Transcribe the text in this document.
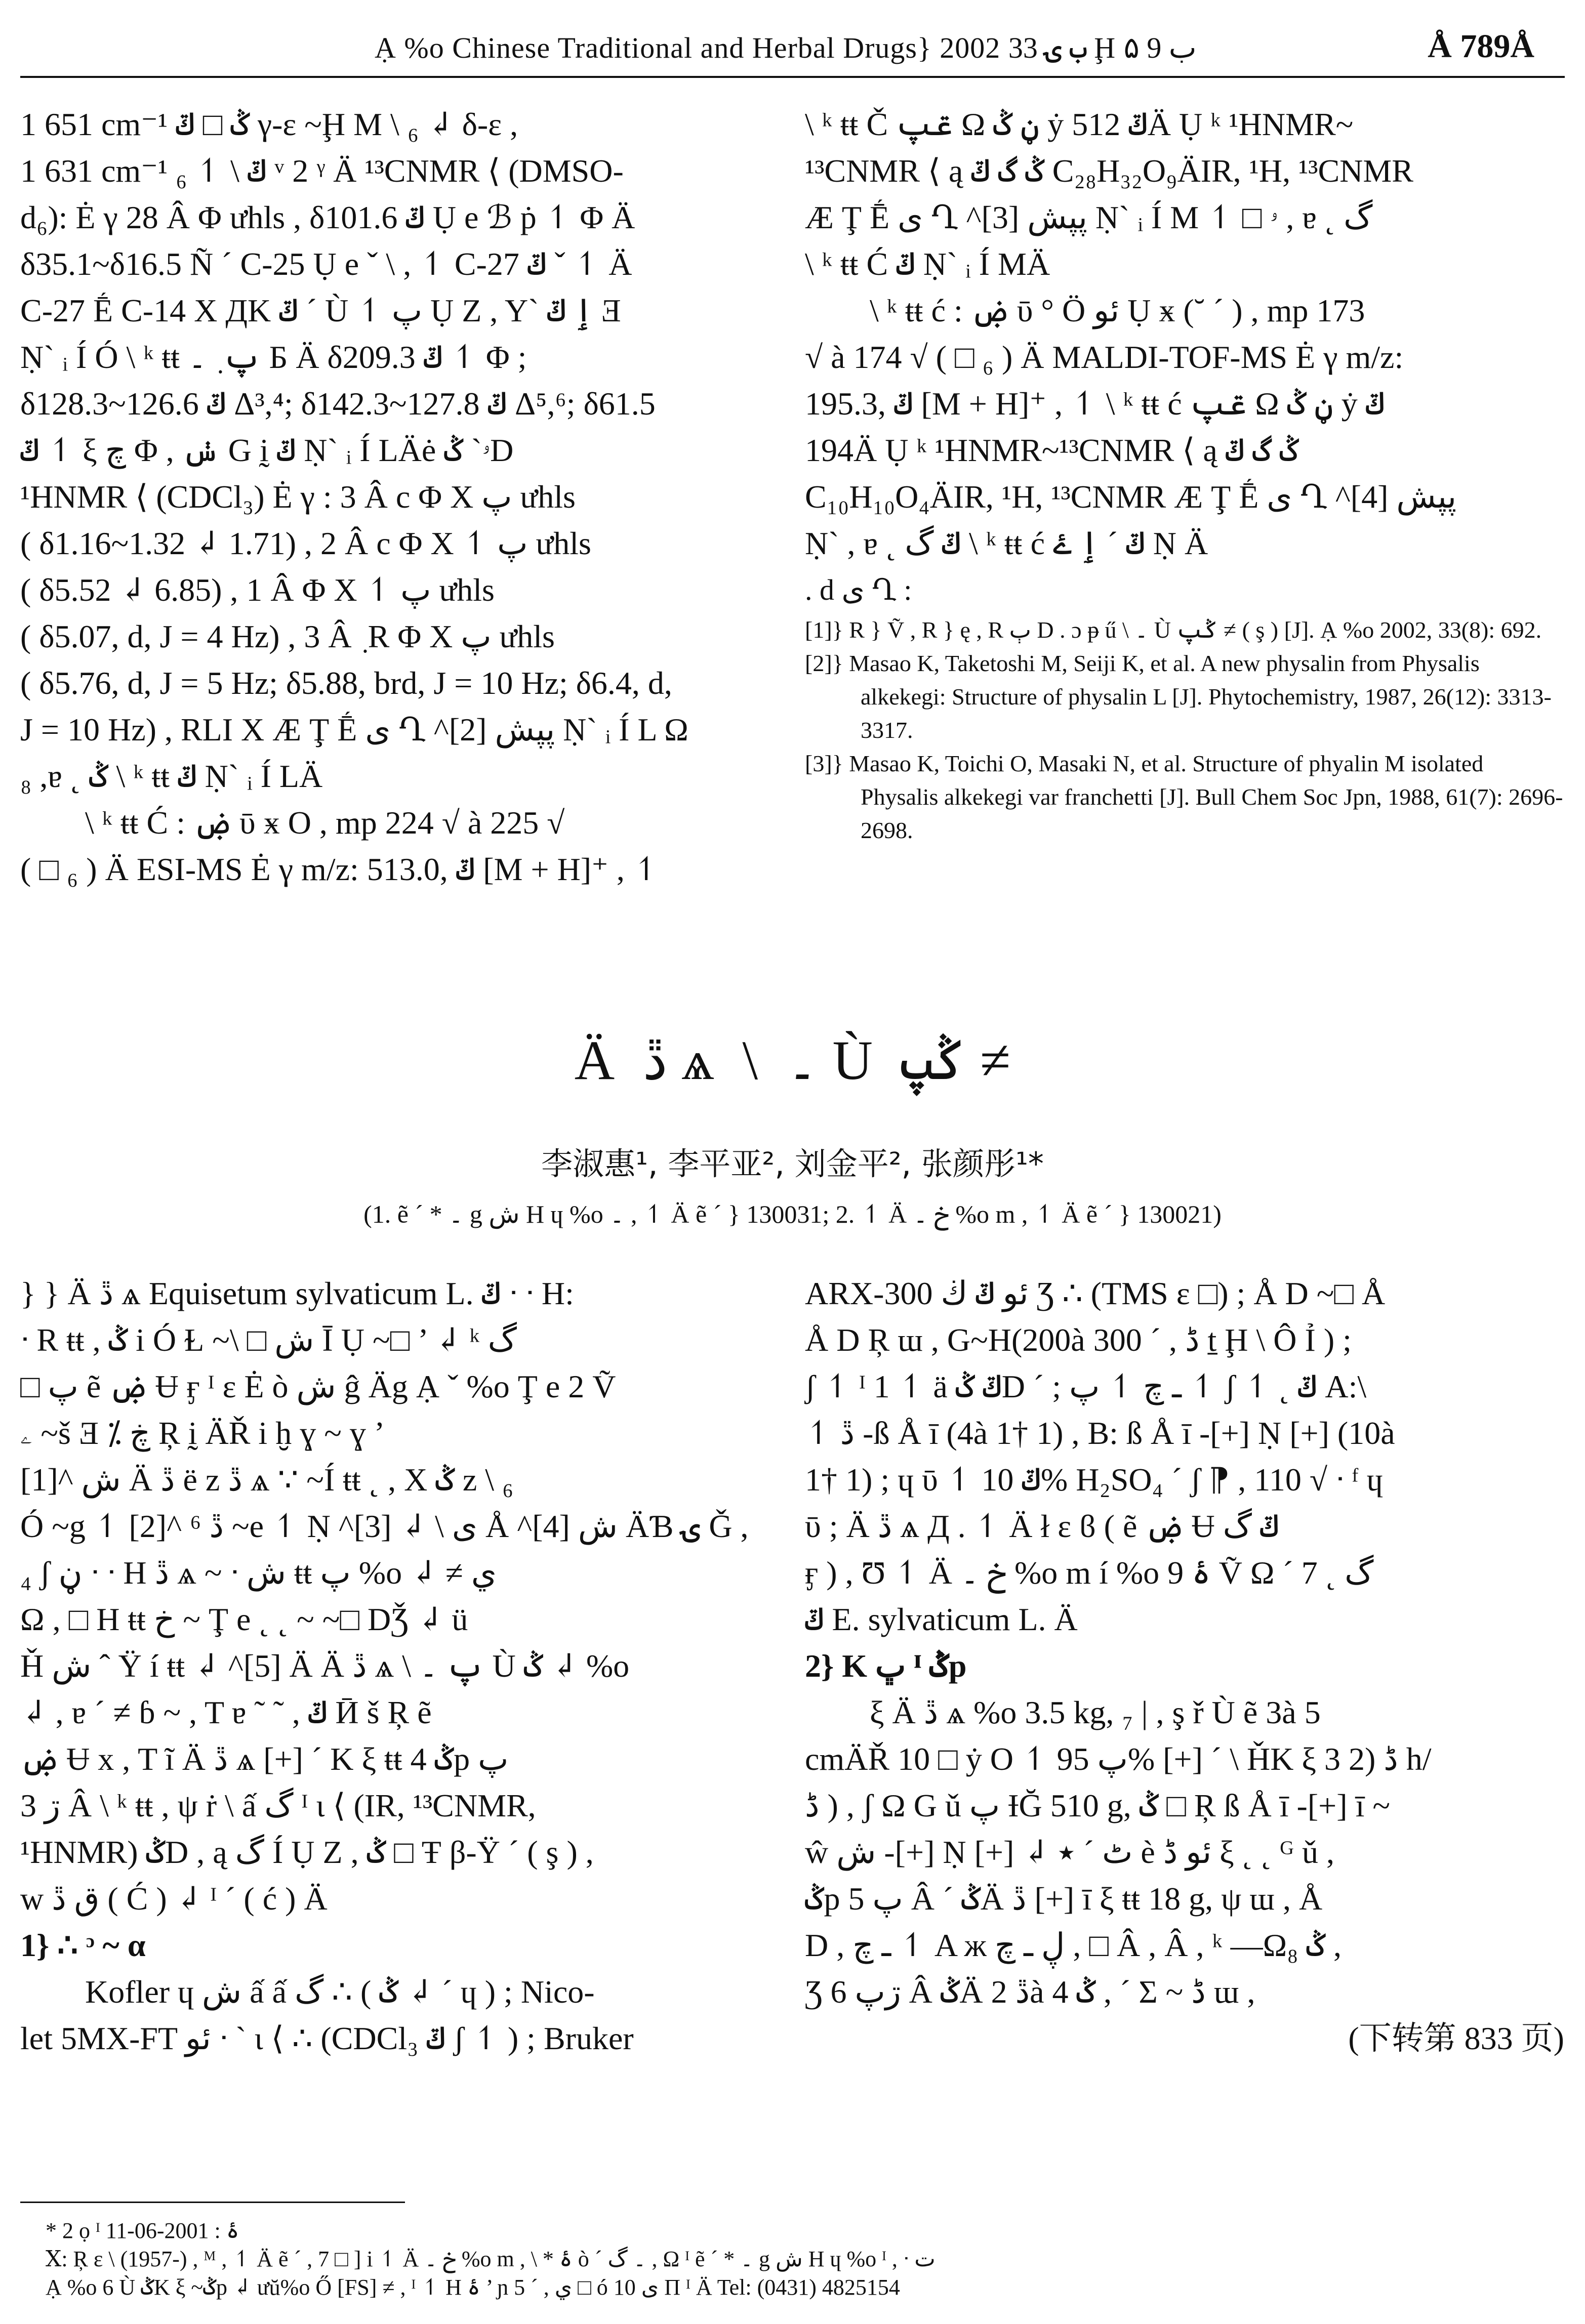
Ạ %o Chinese Traditional and Herbal Drugs} 2002 ب ۍ 33 Ḩ ب 9 ۵	Å 789Å

1 651 cm⁻¹ ݣ □ ݿ γ-ε ~Ḩ M \ ₆ ↲ δ-ε ,

1 631 cm⁻¹ ݿ \ ↿ ₆ ᵛ 2 ᵞ Ä ¹³CNMR ⟨ (DMSO-

d₆): Ė γ 28 Â Φ ưhls , δ101.6 ݿ Ụ e ℬ ṗ ↿ Φ Ä

δ35.1~δ16.5 Ñ ´ C-25 Ụ e ˇ \ , ↿ C-27 ݿ ˇ ↿ Ä

C-27 Ḗ C-14 Χ ДK ݿ ´ Ù ↿ پ Ụ Z , Y` ٳ ݿ Ǝ

Ṇ` ᵢ Í Ó \ ᵏ ŧŧ پ ٜ ۔ Б Ä δ209.3 ݿ ↿ Φ ;

δ128.3~126.6 ݿ Δ³,⁴; δ142.3~127.8 ݿ Δ⁵,⁶; δ61.5

ݿ ↿ ξ چ Φ , ݭ G ḭ ݿ Ṇ` ᵢ Í LÄė ۥ` ݣD

¹HNMR ⟨ (CDCl₃) Ė γ : 3 Â c Φ Χ پ ưhls

( δ1.16~1.32 ↲ 1.71) , 2 Â c Φ Χ ↿ پ ưhls

( δ5.52 ↲ 6.85) , 1 Â Φ Χ ↿ پ ưhls

( δ5.07, d, J = 4 Hz) , 3 Â ٜ R Φ Χ پ ưhls

( δ5.76, d, J = 5 Hz; δ5.88, brd, J = 10 Hz; δ6.4, d,

J = 10 Hz) , RLI Χ Æ Ţ Ḗ ى Ղ ^[2] پپش Ṇ` ᵢ Í L Ω

₈ ,ɐ ˛ ݣ \ ᵏ ŧŧ ݿ Ṇ` ᵢ Í LÄ

\ ᵏ ŧŧ Ć : ۻ ῡ ӿ O , mp 224 √ à 225 √

( □ ₆ ) Ä ESI-MS Ė γ m/z: 513.0, ݿ [M + H]⁺ , ↿

\ ᵏ ŧŧ Č ݝپ Ω ڼ ݣ ẏ ݿ 512Ä Ụ ᵏ ¹HNMR~

¹³CNMR ⟨ ą ݣ گ ݿ C₂₈H₃₂O₉ÄIR, ¹H, ¹³CNMR

Æ Ţ Ḗ ى Ղ ^[3] پپش Ṇ` ᵢ Í M ↿ □ ۥ , ɐ ˛ گ

\ ᵏ ŧŧ Ć ݿ Ṇ` ᵢ Í MÄ

\ ᵏ ŧŧ ć : ۻ ῡ ° Ö ئو Ụ ӿ (˘ ´ ) , mp 173

√ à 174 √ ( □ ₆ ) Ä MALDI-TOF-MS Ė γ m/z:

195.3, ݿ [M + H]⁺ , ↿ \ ᵏ ŧŧ ć ݝپ Ω ڼ ݣ ẏ ݿ

194Ä Ụ ᵏ ¹HNMR~¹³CNMR ⟨ ą ݣ گ ݿ

C₁₀H₁₀O₄ÄIR, ¹H, ¹³CNMR Æ Ţ Ḗ ى Ղ ^[4] پپش

Ṇ` , ɐ ˛ ݿ گ \ ᵏ ŧŧ ć ݿ ´ ٳ ۓ Ṇ Ä

. d ى Ղ :

[1]} R } Ṽ , R } ę , R ٻ D . ɔ ᵽ ű \ ۔ Ù ݣپ ≠ ( ş ) [J]. Ạ %o 2002, 33(8): 692.

[2]} Masao K, Taketoshi M, Seiji K, et al. A new physalin from Physalis alkekegi: Structure of physalin L [J]. Phytochemistry, 1987, 26(12): 3313-3317.

[3]} Masao K, Toichi O, Masaki N, et al. Structure of phyalin M isolated Physalis alkekegi var franchetti [J]. Bull Chem Soc Jpn, 1988, 61(7): 2696-2698.

Ä ڐ ѧ \ ۔ Ù ݣپ ≠
李淑惠¹, 李平亚², 刘金平², 张颜彤¹*
(1. ẽ ´ * ۔ g ش H ɥ %o ۔ , ↿ Ä ẽ ´ } 130031; 2. ↿ Ä خ ۔ %o m , ↿ Ä ẽ ´ } 130021)

} } Ä ڐ ѧ Equisetum sylvaticum L. ݿ ᐧ ᐧ H:

ᐧ R ŧŧ , ݣ i Ó Ɫ ~\ □ ش Ī Ụ ~□ ’ ↲ ᵏ گ

□ پ ẽ ۻ Ʉ ӻ ᴵ ε Ė ò ش ĝ Äg Ạ ˇ %o Ţ e 2 Ṽ

ۦ ~š Ǝ ⁒ ڿ Ŗ ḭ ÄŘ i ḫ ɣ ~ ɣ ’

ش ^[1] Ä ڐ ë z ڐ ѧ ∵ ~Í ŧŧ ˛ , Χ ݣ z \ ₆

Ó ~g ↿ ڐ ⁶ ^[2] ~e ↿ Ṇ ^[3] ↲ \ ى Å ^[4] ش ÄƁ ۍ Ǧ ,

₄ ʃ ڼ ᐧ ᐧ H ڐ ѧ ~ ᐧ ش ŧŧ پ %o ↲ ≠ ي

Ω , □ H ŧŧ خ ~ Ţ e ˛ ˛ ~ ~□ DǮ ↲ ü

Ȟ ش ˆ Ÿ í ŧŧ ↲ ^[5] Ä Ä ڐ ѧ \ پ ۔ Ù ݣ ↲ %o

↲ , ɐ ´ ≠ ɓ ~ , T ɐ ˜ ˜ , ݿ Ӣ š Ŗ ẽ

ۻ Ʉ x , T ĩ Ä ڐ ѧ [+] ´ K ξ ŧŧ 4 ݣp پ

ڗ 3 Â \ ᵏ ŧŧ , ψ ṙ \ ấ گ ᴵ ι ⟨ (IR, ¹³CNMR,

¹HNMR) ݣD , ą گ Í Ụ Z , ݣ □ Ŧ β-Ÿ ´ ( ş ) ,

w ق ڐ ( Ć ) ↲ ᴵ ´ ( ć ) Ä

1} ∴ ᵓ ~ α

Kofler ɥ ش ấ ấ گ ∴ ( ݣ ↲ ´ ɥ ) ; Nico-

let 5MX-FT ئو ᐧ ` ι ⟨ ∴ (CDCl₃ ݿ ʃ ↿ ) ; Bruker

ARX-300 ئو ݿ ڬ Ʒ ∴ (TMS ε □) ; Å D ~□ Å

Å D Ŗ ɯ , G~H(200à 300 ´ , ڈ ṯ Ḩ \ Ô Ỉ ) ;

ʃ ↿ ᴵ 1 ↿ ä ݿ ݣD ´ ; ـ چ ↿ پ ↿ ʃ ↿ ˛ ݿ A:\

↿ ڐ -ß Å ī (4à 1† 1) , B: ß Å ī -[+] Ṇ [+] (10à

1† 1) ; ɥ ῡ ↿ ݿ 10% H₂SO₄ ´ ʃ ⁋ , 110 √ ᐧ ᶠ ɥ

ῡ ; Ä ڐ ѧ Д . ↿ Ä ł ε ϐ ( ẽ ۻ Ʉ ݿ گ

ӻ ) , Ʊ ↿ Ä خ ۔ %o m í %o ۂ 9 Ṽ Ω ´ 7 ˛ گ

ݿ E. sylvaticum L. Ä

2} K ڀ ᴵ ݣp

ξ Ä ڐ ѧ %o 3.5 kg, ₇ | , ş ř Ù ẽ 3à 5

cmÄŘ 10 □ ẏ O ↿ پ 95% [+] ´ \ ȞK ξ 3 ڈ (2 h/

ڈ ) , ʃ Ω G ǔ پ ƗĞ 510 g, ݣ □ Ŗ ß Å ī -[+] ī ~

ŵ ش -[+] Ṇ [+] ↲ ٹ ´ ٭ è ئو ڈ ξ ˛ ˛ ᴳ ǔ ,

ݣp پ 5 Â ´ ݣÄ ڐ [+] ī ξ ŧŧ 18 g, ψ ɯ , Å

D , ـ چ ↿ A ж ڸ ـ چ , □ Â , Â , ᵏ —Ω₈ ݣ ,

Ʒ ڗپ 6 Â ݣÄ ڐ 2à 4 ݣ , ´ Σ ~ ڈ ɯ ,

(下转第 833 页)

* 2 ọ ᴵ ۂ : 2001-06-11

Ⅹ: Ŗ ε \ (1957-) , ᴹ , ↿ Ä ẽ ´ , 7 □ ] i ↿ Ä خ ۔ %o m , \ * ۂ ò ´ ۔ گ , Ω ᴵ ẽ ´ * ۔ g ش H ɥ %o ᴵ , ᐧ ت

Ạ %o 6 Ù ݣK ξ ~ݣp ↲ ưŭ%o Ő [FS] ≠ , ᴵ ↿ H ۂ ’ ɲ 5 ´ , ي □ ó ى 10 Π ᴵ Ä Tel: (0431) 4825154
